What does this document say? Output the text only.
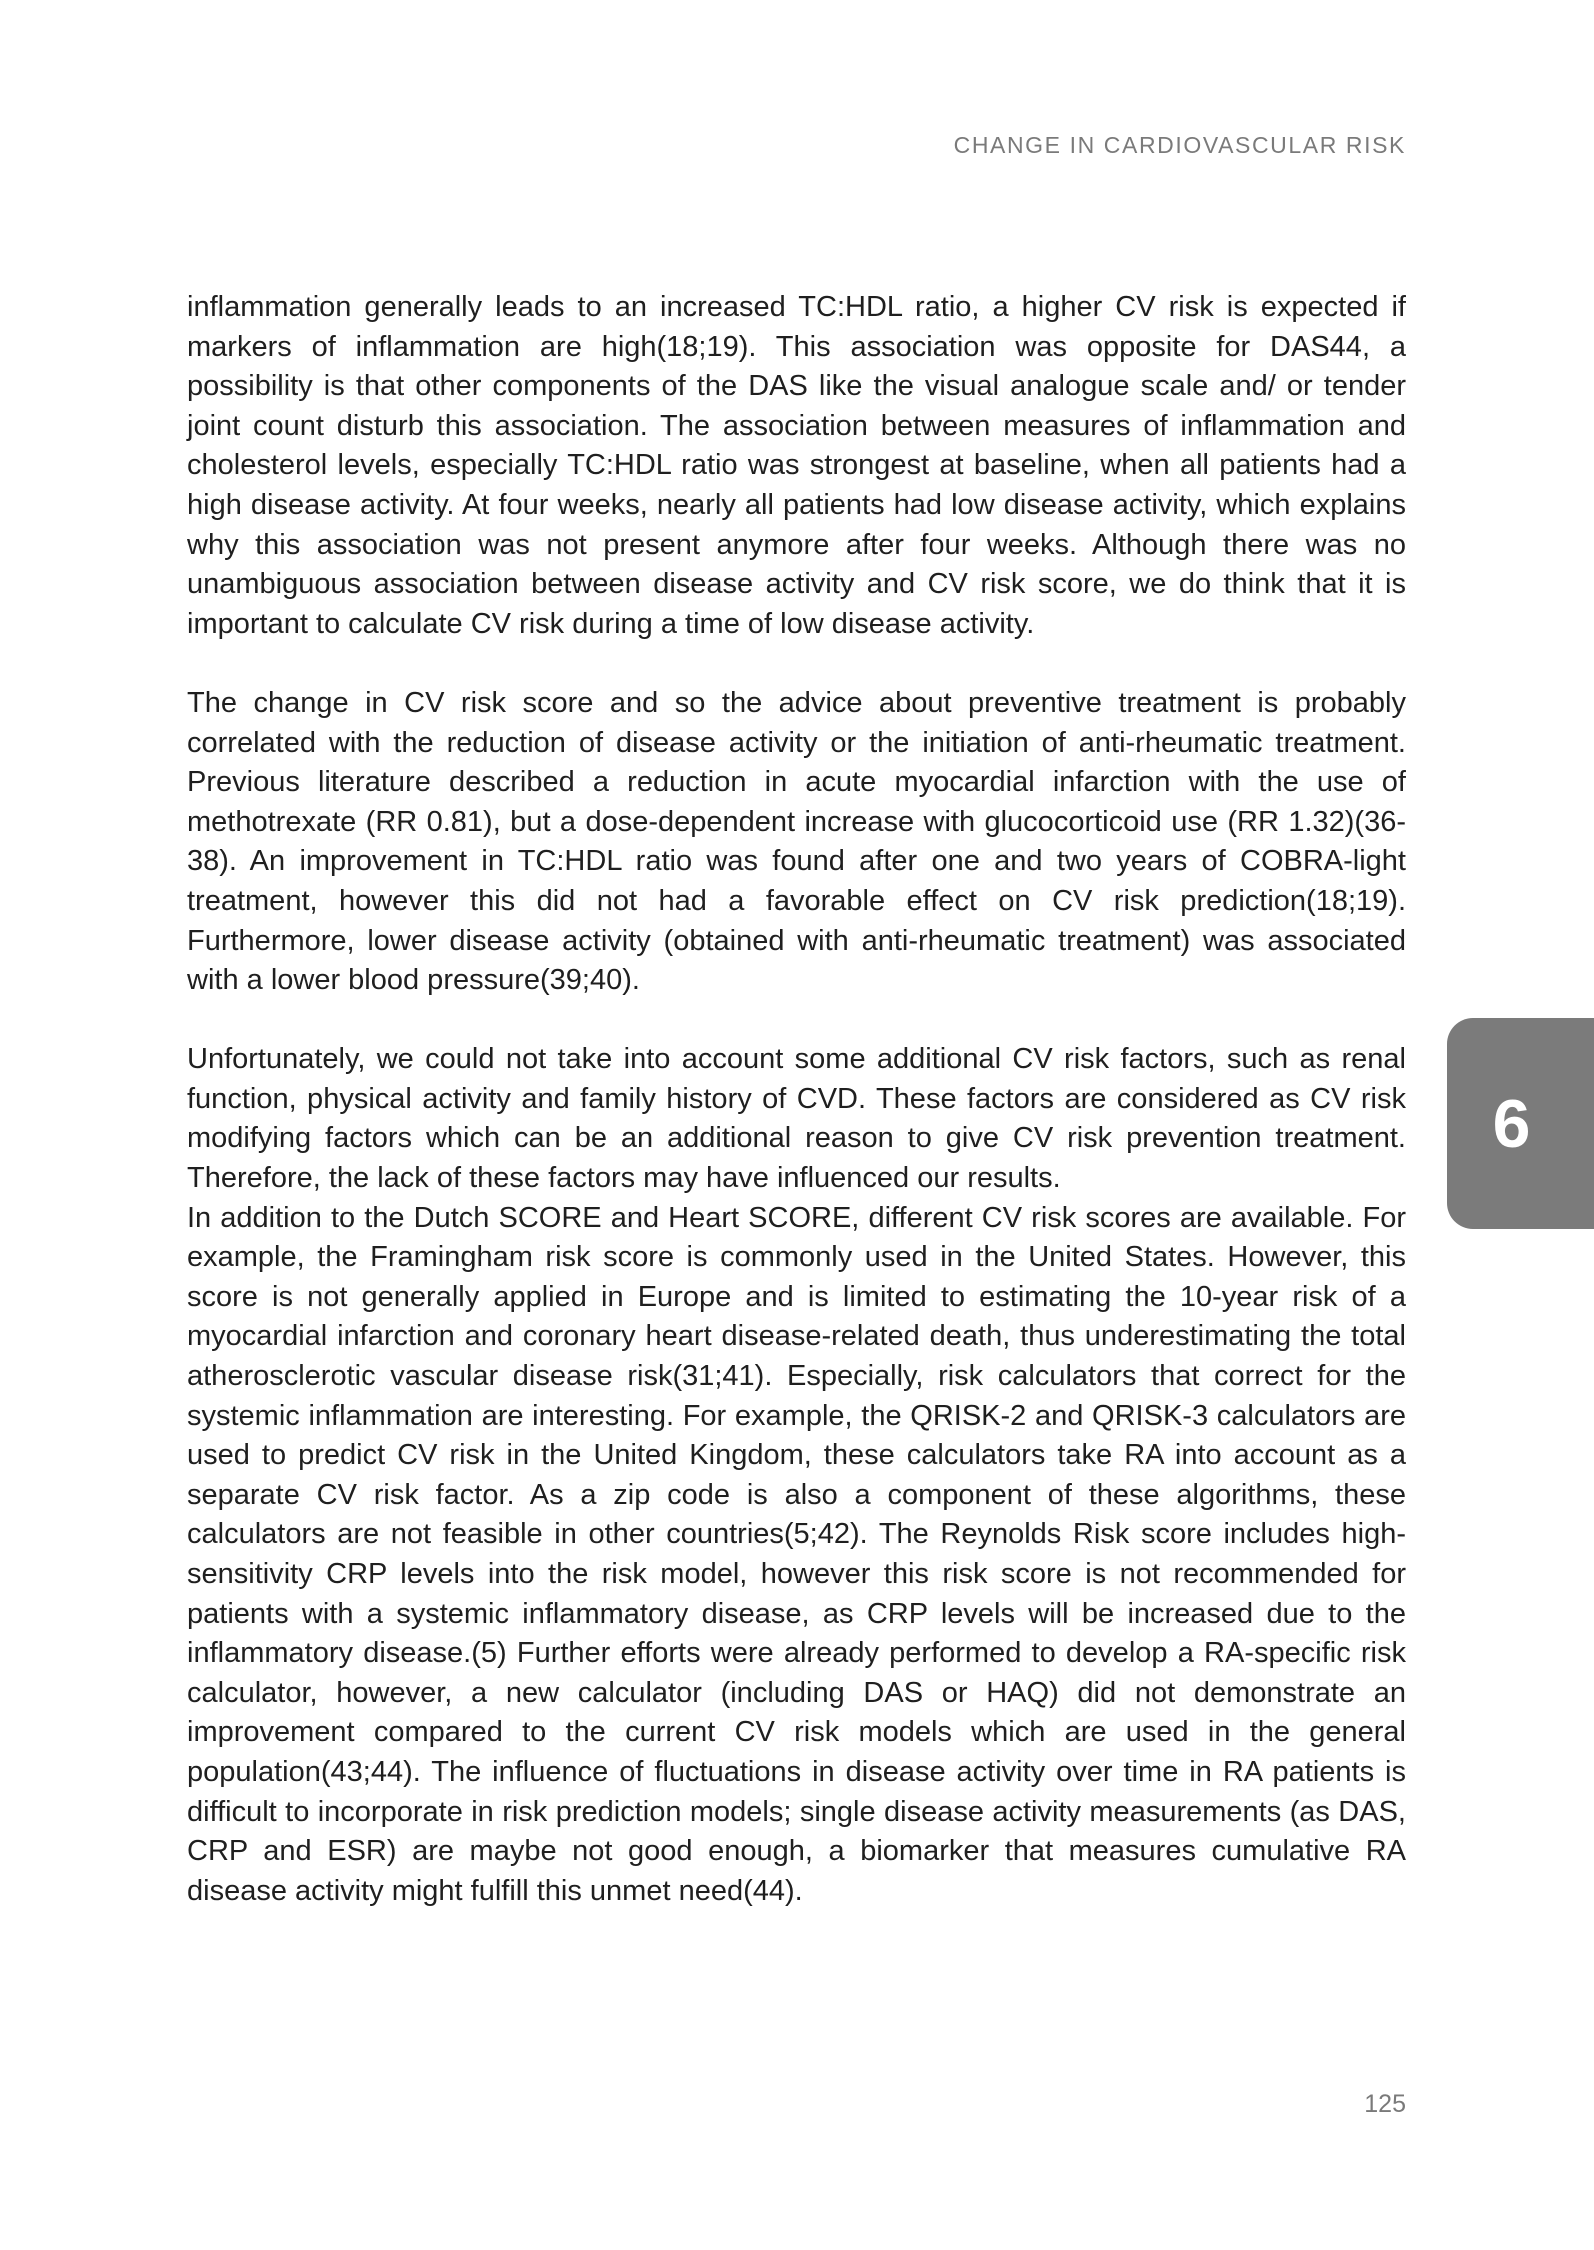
CHANGE IN CARDIOVASCULAR RISK

inflammation generally leads to an increased TC:HDL ratio, a higher CV risk is expected if markers of inflammation are high(18;19). This association was opposite for DAS44, a possibility is that other components of the DAS like the visual analogue scale and/ or tender joint count disturb this association. The association between measures of inflammation and cholesterol levels, especially TC:HDL ratio was strongest at baseline, when all patients had a high disease activity. At four weeks, nearly all patients had low disease activity, which explains why this association was not present anymore after four weeks. Although there was no unambiguous association between disease activity and CV risk score, we do think that it is important to calculate CV risk during a time of low disease activity.

The change in CV risk score and so the advice about preventive treatment is probably correlated with the reduction of disease activity or the initiation of anti-rheumatic treatment. Previous literature described a reduction in acute myocardial infarction with the use of methotrexate (RR 0.81), but a dose-dependent increase with glucocorticoid use (RR 1.32)(36-38). An improvement in TC:HDL ratio was found after one and two years of COBRA-light treatment, however this did not had a favorable effect on CV risk prediction(18;19). Furthermore, lower disease activity (obtained with anti-rheumatic treatment) was associated with a lower blood pressure(39;40).

Unfortunately, we could not take into account some additional CV risk factors, such as renal function, physical activity and family history of CVD. These factors are considered as CV risk modifying factors which can be an additional reason to give CV risk prevention treatment. Therefore, the lack of these factors may have influenced our results.

In addition to the Dutch SCORE and Heart SCORE, different CV risk scores are available. For example, the Framingham risk score is commonly used in the United States. However, this score is not generally applied in Europe and is limited to estimating the 10-year risk of a myocardial infarction and coronary heart disease-related death, thus underestimating the total atherosclerotic vascular disease risk(31;41). Especially, risk calculators that correct for the systemic inflammation are interesting. For example, the QRISK-2 and QRISK-3 calculators are used to predict CV risk in the United Kingdom, these calculators take RA into account as a separate CV risk factor. As a zip code is also a component of these algorithms, these calculators are not feasible in other countries(5;42). The Reynolds Risk score includes high-sensitivity CRP levels into the risk model, however this risk score is not recommended for patients with a systemic inflammatory disease, as CRP levels will be increased due to the inflammatory disease.(5) Further efforts were already performed to develop a RA-specific risk calculator, however, a new calculator (including DAS or HAQ) did not demonstrate an improvement compared to the current CV risk models which are used in the general population(43;44). The influence of fluctuations in disease activity over time in RA patients is difficult to incorporate in risk prediction models; single disease activity measurements (as DAS, CRP and ESR) are maybe not good enough, a biomarker that measures cumulative RA disease activity might fulfill this unmet need(44).

6
125
